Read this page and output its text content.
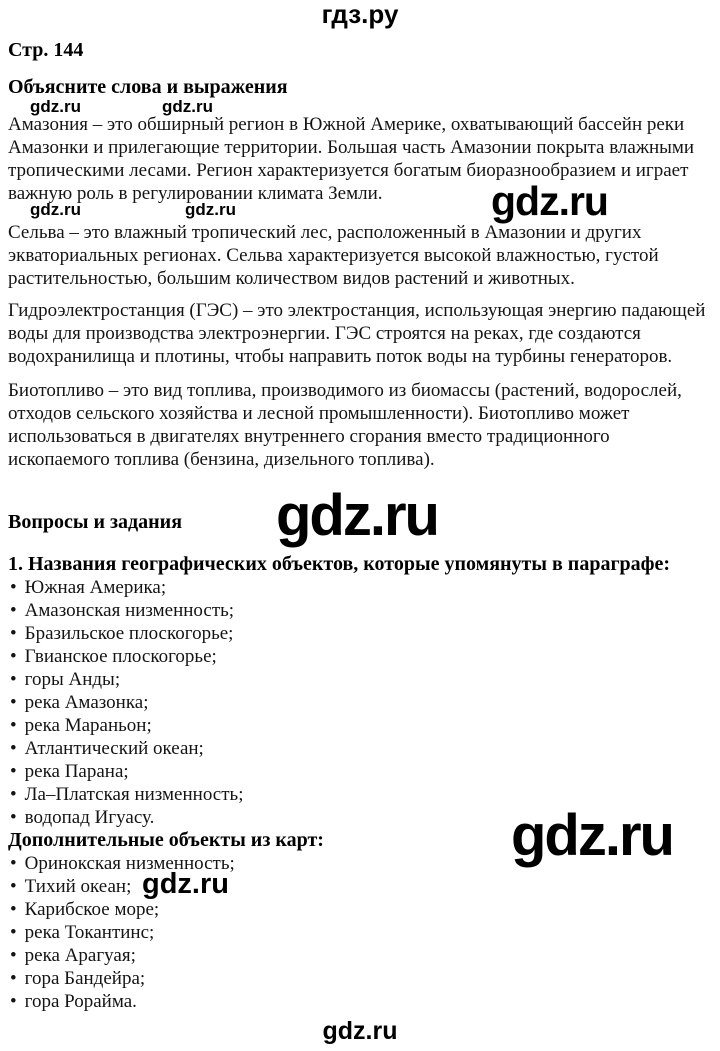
gdz.ru	gdz.ru
gdz.ru
gdz.ru	gdz.ru
gdz.ru
gdz.ru
gdz.ru
гдз.ру
Стр. 144
Объясните слова и выражения

Амазония – это обширный регион в Южной Америке, охватывающий бассейн реки Амазонки и прилегающие территории. Большая часть Амазонии покрыта влажными тропическими лесами. Регион характеризуется богатым биоразнообразием и играет важную роль в регулировании климата Земли.

Сельва – это влажный тропический лес, расположенный в Амазонии и других экваториальных регионах. Сельва характеризуется высокой влажностью, густой растительностью, большим количеством видов растений и животных.

Гидроэлектростанция (ГЭС) – это электростанция, использующая энергию падающей воды для производства электроэнергии. ГЭС строятся на реках, где создаются водохранилища и плотины, чтобы направить поток воды на турбины генераторов.

Биотопливо – это вид топлива, производимого из биомассы (растений, водорослей, отходов сельского хозяйства и лесной промышленности). Биотопливо может использоваться в двигателях внутреннего сгорания вместо традиционного ископаемого топлива (бензина, дизельного топлива).

Вопросы и задания
1. Названия географических объектов, которые упомянуты в параграфе:
• Южная Америка;
• Амазонская низменность;
• Бразильское плоскогорье;
• Гвианское плоскогорье;
• горы Анды;
• река Амазонка;
• река Мараньон;
• Атлантический океан;
• река Парана;
• Ла–Платская низменность;
• водопад Игуасу.
Дополнительные объекты из карт:
• Оринокская низменность;
• Тихий океан;
• Карибское море;
• река Токантинс;
• река Арагуая;
• гора Бандейра;
• гора Рорайма.
gdz.ru
